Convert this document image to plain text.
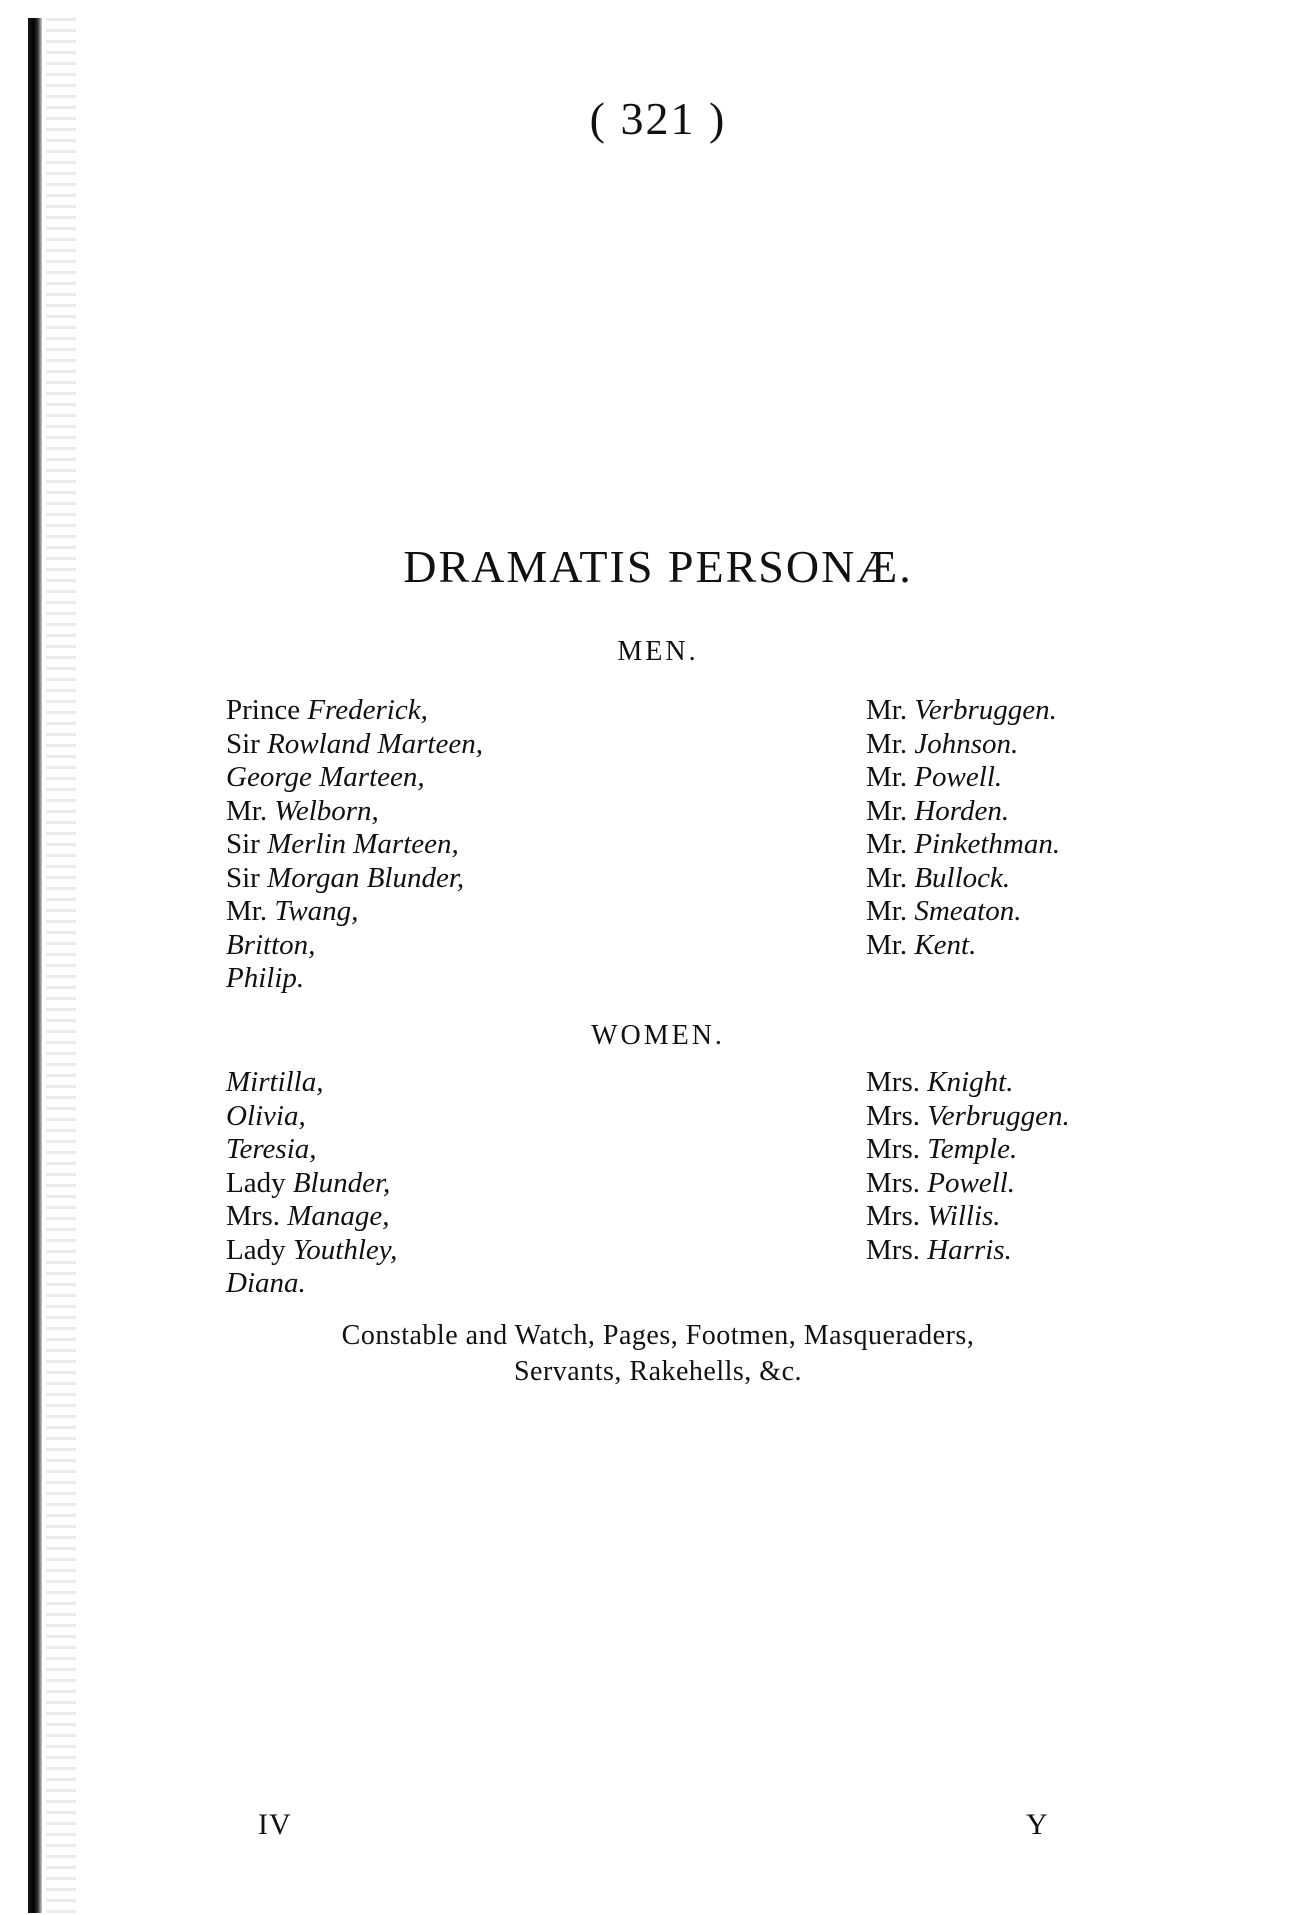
( 321 )
DRAMATIS PERSONÆ.
MEN.
Prince Frederick,
Sir Rowland Marteen,
George Marteen,
Mr. Welborn,
Sir Merlin Marteen,
Sir Morgan Blunder,
Mr. Twang,
Britton,
Philip.
Mr. Verbruggen.
Mr. Johnson.
Mr. Powell.
Mr. Horden.
Mr. Pinkethman.
Mr. Bullock.
Mr. Smeaton.
Mr. Kent.
WOMEN.
Mirtilla,
Olivia,
Teresia,
Lady Blunder,
Mrs. Manage,
Lady Youthley,
Diana.
Mrs. Knight.
Mrs. Verbruggen.
Mrs. Temple.
Mrs. Powell.
Mrs. Willis.
Mrs. Harris.
Constable and Watch, Pages, Footmen, Masqueraders,
Servants, Rakehells, &c.
IV	Y
